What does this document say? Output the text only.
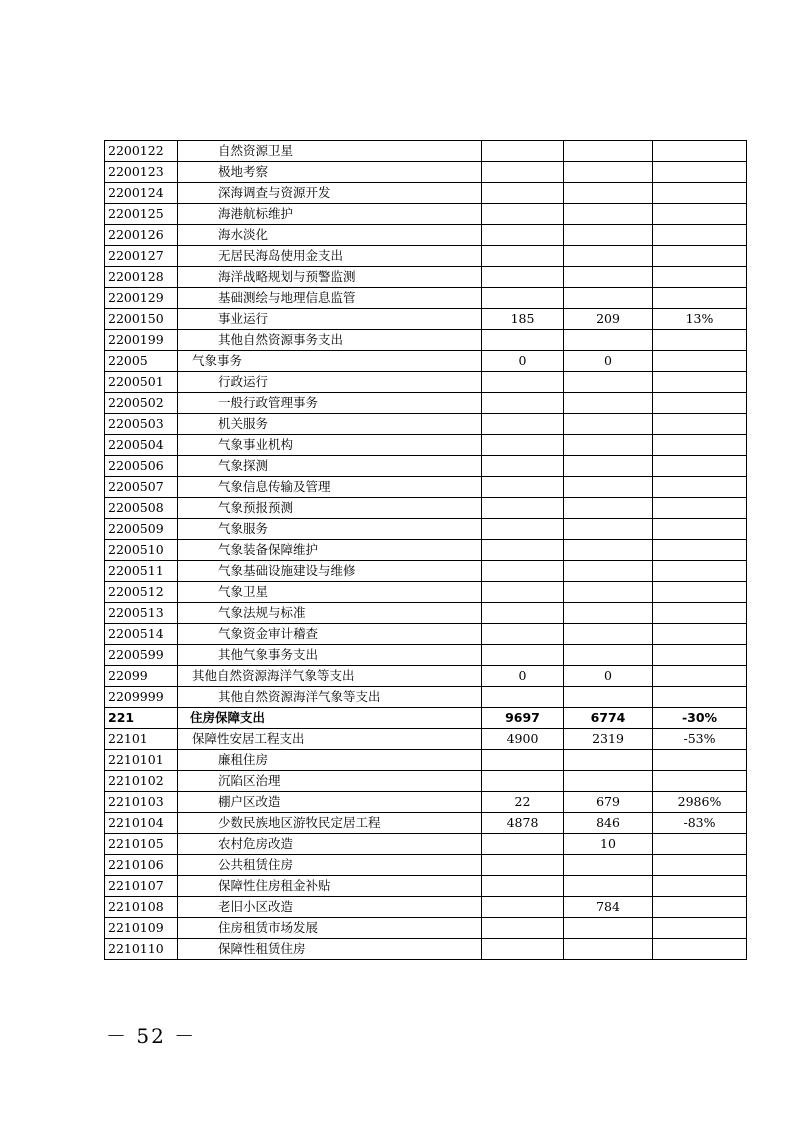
2200122	自然资源卫星			
2200123	极地考察			
2200124	深海调查与资源开发			
2200125	海港航标维护			
2200126	海水淡化			
2200127	无居民海岛使用金支出			
2200128	海洋战略规划与预警监测			
2200129	基础测绘与地理信息监管			
2200150	事业运行	185	209	13%
2200199	其他自然资源事务支出			
22005	气象事务	0	0	
2200501	行政运行			
2200502	一般行政管理事务			
2200503	机关服务			
2200504	气象事业机构			
2200506	气象探测			
2200507	气象信息传输及管理			
2200508	气象预报预测			
2200509	气象服务			
2200510	气象装备保障维护			
2200511	气象基础设施建设与维修			
2200512	气象卫星			
2200513	气象法规与标准			
2200514	气象资金审计稽查			
2200599	其他气象事务支出			
22099	其他自然资源海洋气象等支出	0	0	
2209999	其他自然资源海洋气象等支出			
221	住房保障支出	9697	6774	-30%
22101	保障性安居工程支出	4900	2319	-53%
2210101	廉租住房			
2210102	沉陷区治理			
2210103	棚户区改造	22	679	2986%
2210104	少数民族地区游牧民定居工程	4878	846	-83%
2210105	农村危房改造		10	
2210106	公共租赁住房			
2210107	保障性住房租金补贴			
2210108	老旧小区改造		784	
2210109	住房租赁市场发展			
2210110	保障性租赁住房			
－ 52 －
